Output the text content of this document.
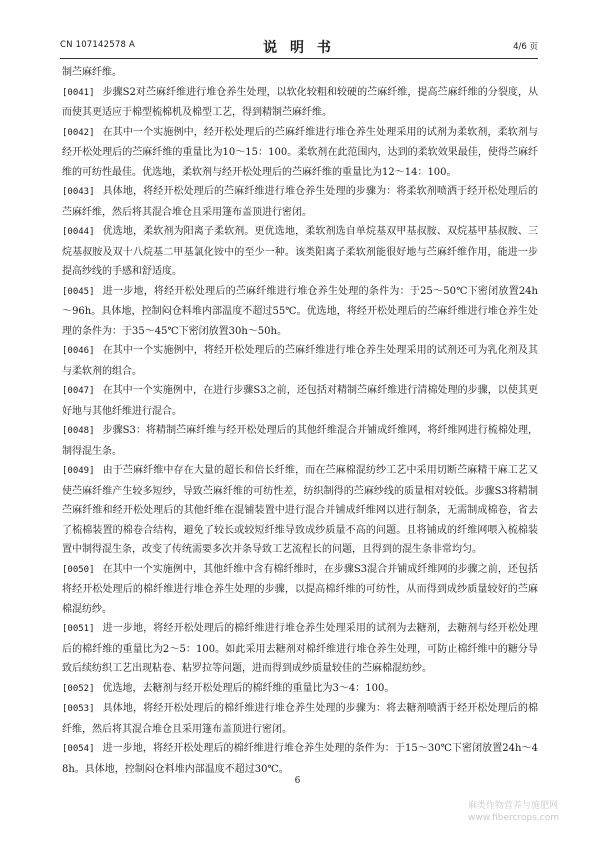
CN 107142578 A	说 明 书	4/6 页

制苎麻纤维。

[0041] 步骤S2对苎麻纤维进行堆仓养生处理，以软化较粗和较硬的苎麻纤维，提高苎麻纤维的分裂度，从而使其更适应于棉型梳棉机及棉型工艺，得到精制苎麻纤维。

[0042] 在其中一个实施例中，经开松处理后的苎麻纤维进行堆仓养生处理采用的试剂为柔软剂，柔软剂与经开松处理后的苎麻纤维的重量比为10～15：100。柔软剂在此范围内，达到的柔软效果最佳，使得苎麻纤维的可纺性最佳。优选地，柔软剂与经开松处理后的苎麻纤维的重量比为12～14：100。

[0043] 具体地，将经开松处理后的苎麻纤维进行堆仓养生处理的步骤为：将柔软剂喷洒于经开松处理后的苎麻纤维，然后将其混合堆仓且采用篷布盖顶进行密闭。

[0044] 优选地，柔软剂为阳离子柔软剂。更优选地，柔软剂选自单烷基双甲基叔胺、双烷基甲基叔胺、三烷基叔胺及双十八烷基二甲基氯化铵中的至少一种。该类阳离子柔软剂能很好地与苎麻纤维作用，能进一步提高纱线的手感和舒适度。

[0045] 进一步地，将经开松处理后的苎麻纤维进行堆仓养生处理的条件为：于25～50℃下密闭放置24h～96h。具体地，控制闷仓料堆内部温度不超过55℃。优选地，将经开松处理后的苎麻纤维进行堆仓养生处理的条件为：于35～45℃下密闭放置30h～50h。

[0046] 在其中一个实施例中，将经开松处理后的苎麻纤维进行堆仓养生处理采用的试剂还可为乳化剂及其与柔软剂的组合。

[0047] 在其中一个实施例中，在进行步骤S3之前，还包括对精制苎麻纤维进行清棉处理的步骤，以使其更好地与其他纤维进行混合。

[0048] 步骤S3：将精制苎麻纤维与经开松处理后的其他纤维混合并铺成纤维网，将纤维网进行梳棉处理，制得混生条。

[0049] 由于苎麻纤维中存在大量的超长和倍长纤维，而在苎麻棉混纺纱工艺中采用切断苎麻精干麻工艺又使苎麻纤维产生较多短纱，导致苎麻纤维的可纺性差，纺织制得的苎麻纱线的质量相对较低。步骤S3将精制苎麻纤维和经开松处理后的其他纤维在混铺装置中进行混合并铺成纤维网以进行制条，无需制成棉卷，省去了梳棉装置的棉卷合结构，避免了较长或较短纤维导致成纱质量不高的问题。且将铺成的纤维网喂入梳棉装置中制得混生条，改变了传统需要多次并条导致工艺流程长的问题，且得到的混生条非常均匀。

[0050] 在其中一个实施例中，其他纤维中含有棉纤维时，在步骤S3混合并铺成纤维网的步骤之前，还包括将经开松处理后的棉纤维进行堆仓养生处理的步骤，以提高棉纤维的可纺性，从而得到成纱质量较好的苎麻棉混纺纱。

[0051] 进一步地，将经开松处理后的棉纤维进行堆仓养生处理采用的试剂为去糖剂，去糖剂与经开松处理后的棉纤维的重量比为2～5：100。如此采用去糖剂对棉纤维进行堆仓养生处理，可防止棉纤维中的糖分导致后续纺织工艺出现粘卷、粘罗拉等问题，进而得到成纱质量较佳的苎麻棉混纺纱。

[0052] 优选地，去糖剂与经开松处理后的棉纤维的重量比为3～4：100。

[0053] 具体地，将经开松处理后的棉纤维进行堆仓养生处理的步骤为：将去糖剂喷洒于经开松处理后的棉纤维，然后将其混合堆仓且采用篷布盖顶进行密闭。

[0054] 进一步地，将经开松处理后的棉纤维进行堆仓养生处理的条件为：于15～30℃下密闭放置24h～48h。具体地，控制闷仓料堆内部温度不超过30℃。

6
麻类作物营养与施肥网
www.fibercrops.com
